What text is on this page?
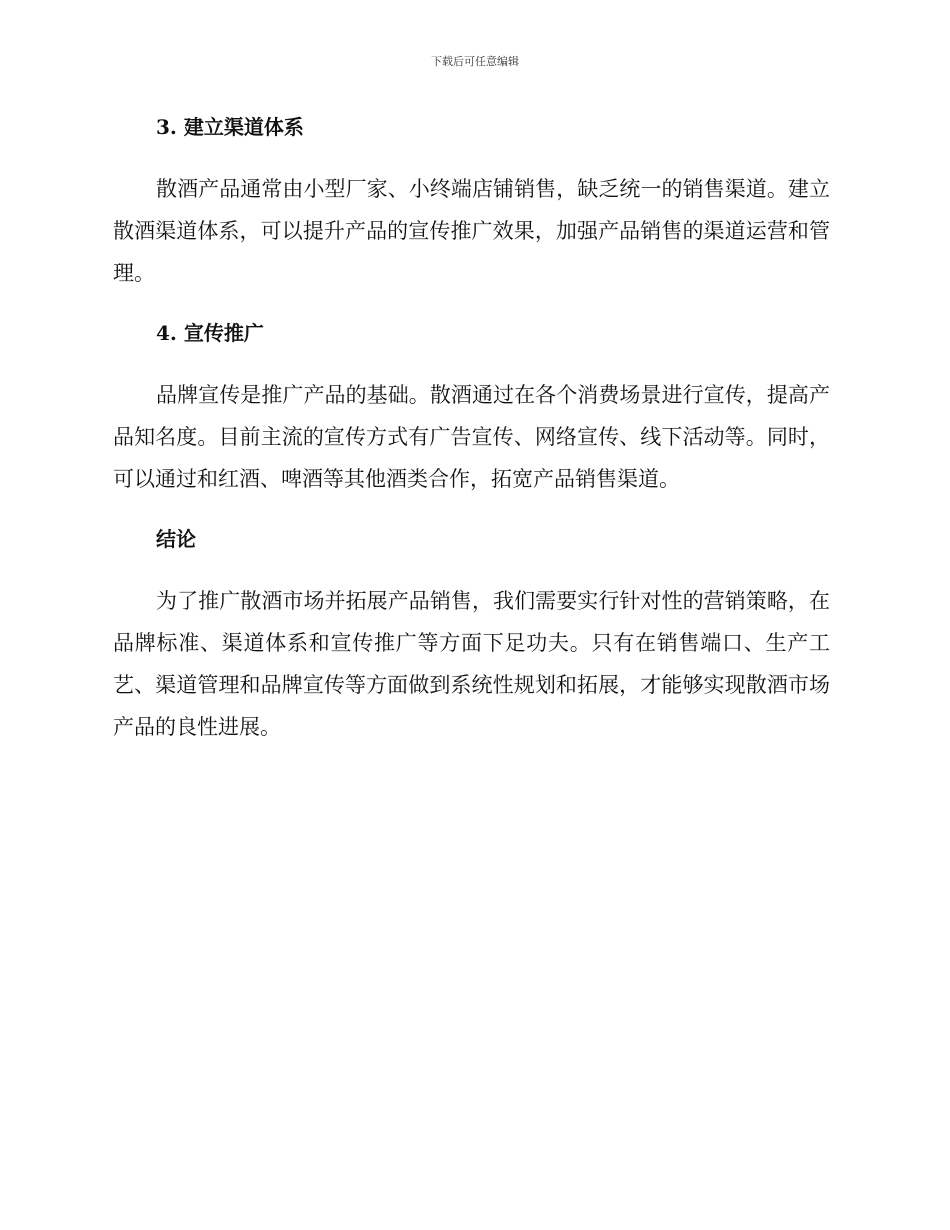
下载后可任意编辑
3. 建立渠道体系

散酒产品通常由小型厂家、小终端店铺销售，缺乏统一的销售渠道。建立散酒渠道体系，可以提升产品的宣传推广效果，加强产品销售的渠道运营和管理。

4. 宣传推广

品牌宣传是推广产品的基础。散酒通过在各个消费场景进行宣传，提高产品知名度。目前主流的宣传方式有广告宣传、网络宣传、线下活动等。同时，可以通过和红酒、啤酒等其他酒类合作，拓宽产品销售渠道。

结论

为了推广散酒市场并拓展产品销售，我们需要实行针对性的营销策略，在品牌标准、渠道体系和宣传推广等方面下足功夫。只有在销售端口、生产工艺、渠道管理和品牌宣传等方面做到系统性规划和拓展，才能够实现散酒市场产品的良性进展。
